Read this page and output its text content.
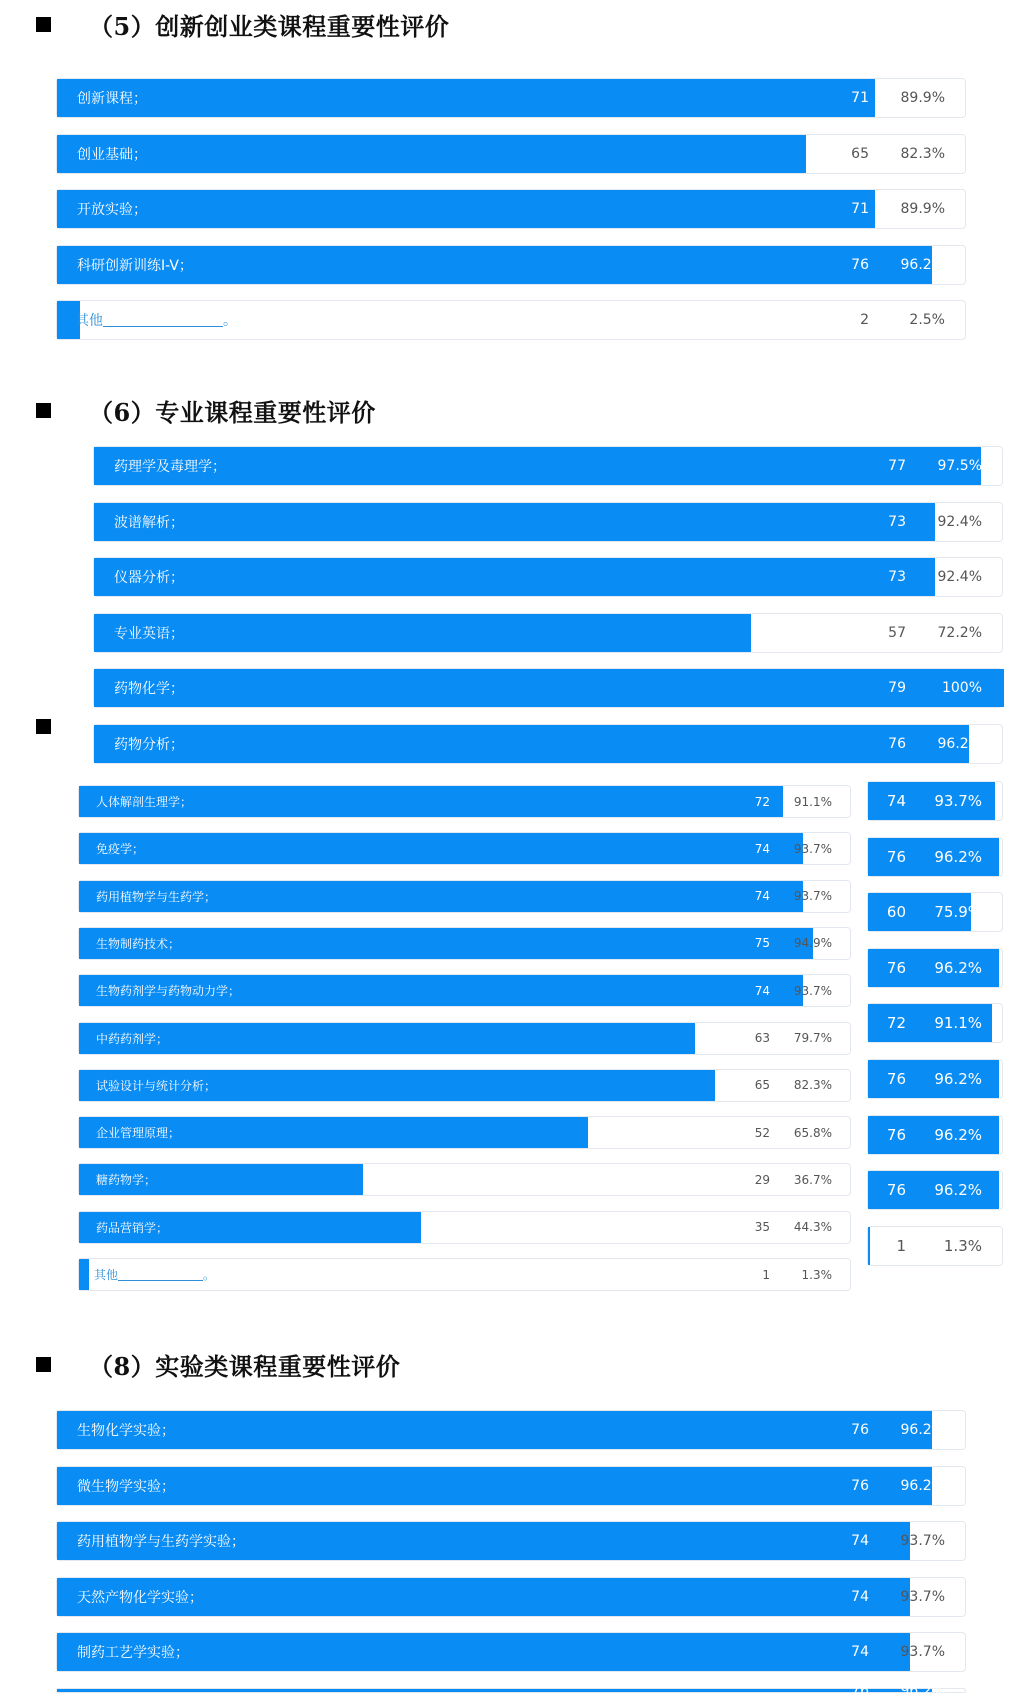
（5）创新创业类课程重要性评价
创新课程；	71 89.9%
创业基础；	65 82.3%
开放实验；	71 89.9%
科研创新训练I-V；	76 96.2%
其他	。	2	2.5%
（6）专业课程重要性评价
药理学及毒理学；	77 97.5%
波谱解析；	73 92.4%
仪器分析；	73 92.4%
专业英语；	57 72.2%
药物化学；	79	100%
药物分析；	76 96.2%
人体解剖生理学；	72 91.1%
免疫学；	74 93.7%
药用植物学与生药学；	74 93.7%
生物制药技术；	75 94.9%
生物药剂学与药物动力学；	74 93.7%
中药药剂学；	63 79.7%
试验设计与统计分析；	65 82.3%
企业管理原理；	52 65.8%
糖药物学；	29 36.7%
药品营销学；	35 44.3%
其他	。	1	1.3%
74 93.7%
76 96.2%
60 75.9%
76 96.2%
72 91.1%
76 96.2%
76 96.2%
76 96.2%
1	1.3%
（8）实验类课程重要性评价
生物化学实验；	76 96.2%
微生物学实验；	76 96.2%
药用植物学与生药学实验；	74 93.7%
天然产物化学实验；	74 93.7%
制药工艺学实验；	74 93.7%
76 96.2%
